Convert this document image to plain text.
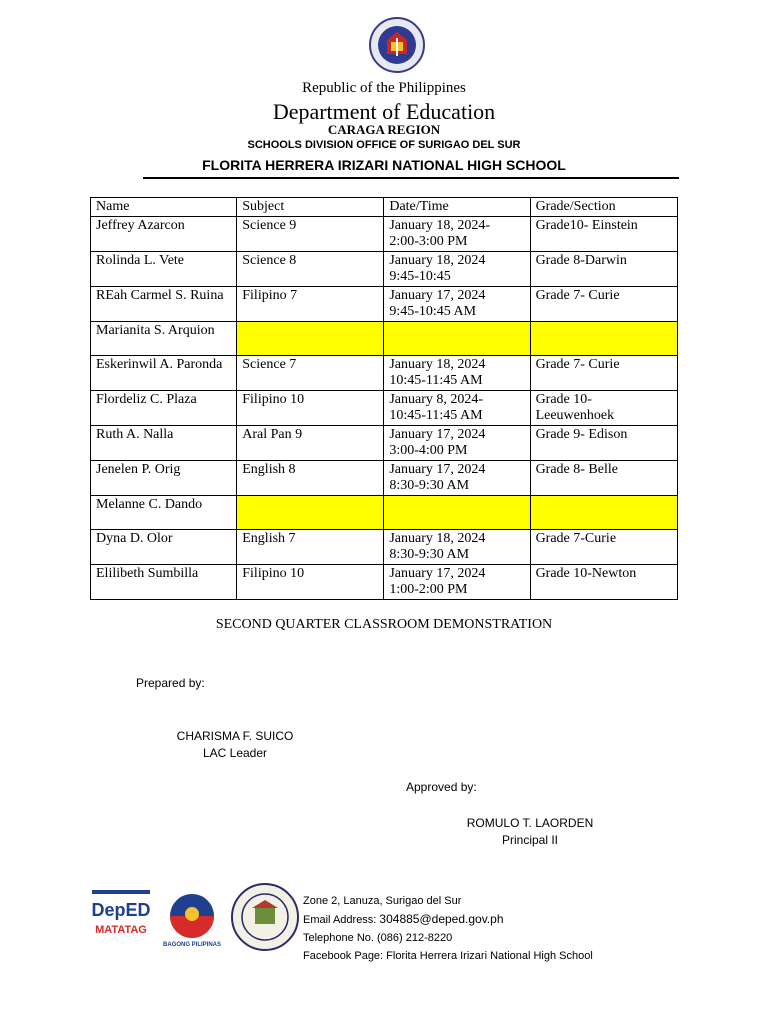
Republic of the Philippines
Department of Education
CARAGA REGION
SCHOOLS DIVISION OFFICE OF SURIGAO DEL SUR
FLORITA HERRERA IRIZARI NATIONAL HIGH SCHOOL
Name	Subject	Date/Time	Grade/Section

Jeffrey Azarcon	Science 9	January 18, 2024-
2:00-3:00 PM	Grade10- Einstein

Rolinda L. Vete	Science 8	January 18, 2024
9:45-10:45	Grade 8-Darwin

REah Carmel S. Ruina	Filipino 7	January 17, 2024
9:45-10:45 AM	Grade 7- Curie

Marianita S. Arquion			

Eskerinwil A. Paronda	Science 7	January 18, 2024
10:45-11:45 AM	Grade 7- Curie

Flordeliz C. Plaza	Filipino 10	January 8, 2024-
10:45-11:45 AM	Grade 10- Leeuwenhoek

Ruth A. Nalla	Aral Pan 9	January 17, 2024
3:00-4:00 PM	Grade 9- Edison

Jenelen P. Orig	English 8	January 17, 2024
8:30-9:30 AM	Grade 8- Belle

Melanne C. Dando			

Dyna D. Olor	English 7	January 18, 2024
8:30-9:30 AM	Grade 7-Curie

Elilibeth Sumbilla	Filipino 10	January 17, 2024
1:00-2:00 PM	Grade 10-Newton
SECOND QUARTER CLASSROOM DEMONSTRATION
Prepared by:
CHARISMA F. SUICO
LAC Leader
Approved by:
ROMULO T. LAORDEN
Principal II
DepED
MATATAG
BAGONG PILIPINAS
Zone 2, Lanuza, Surigao del Sur
Email Address: 304885@deped.gov.ph
Telephone No. (086) 212-8220
Facebook Page: Florita Herrera Irizari National High School
